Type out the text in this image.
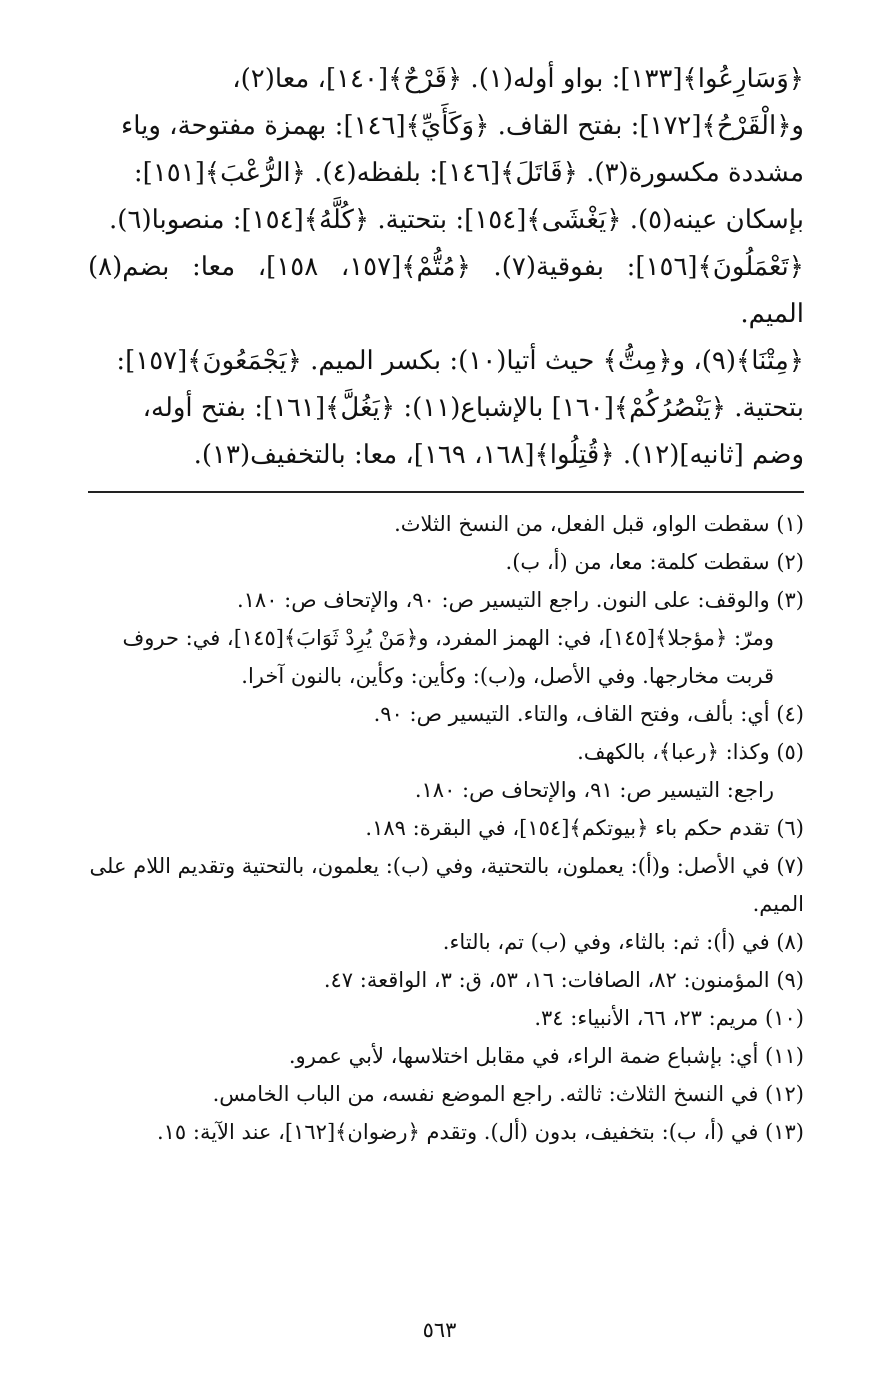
﴿وَسَارِعُوا﴾[١٣٣]: بواو أوله(١). ﴿قَرْحٌ﴾[١٤٠]، معا(٢)،
و﴿الْقَرْحُ﴾[١٧٢]: بفتح القاف. ﴿وَكَأَيِّ﴾[١٤٦]: بهمزة مفتوحة، وياء
مشددة مكسورة(٣). ﴿قَاتَلَ﴾[١٤٦]: بلفظه(٤). ﴿الرُّعْبَ﴾[١٥١]:
بإسكان عينه(٥). ﴿يَغْشَى﴾[١٥٤]: بتحتية. ﴿كُلَّهُ﴾[١٥٤]: منصوبا(٦).
﴿تَعْمَلُونَ﴾[١٥٦]: بفوقية(٧). ﴿مُتُّمْ﴾[١٥٧، ١٥٨]، معا: بضم(٨) الميم.
﴿مِتْنَا﴾(٩)، و﴿مِتُّ﴾ حيث أتيا(١٠): بكسر الميم. ﴿يَجْمَعُونَ﴾[١٥٧]:
بتحتية. ﴿يَنْصُرُكُمْ﴾[١٦٠] بالإشباع(١١): ﴿يَغُلَّ﴾[١٦١]: بفتح أوله،
وضم [ثانيه](١٢). ﴿قُتِلُوا﴾[١٦٨، ١٦٩]، معا: بالتخفيف(١٣).

(١) سقطت الواو، قبل الفعل، من النسخ الثلاث.

(٢) سقطت كلمة: معا، من (أ، ب).

(٣) والوقف: على النون. راجع التيسير ص: ٩٠، والإتحاف ص: ١٨٠.

ومرّ: ﴿مؤجلا﴾[١٤٥]، في: الهمز المفرد، و﴿مَنْ يُرِدْ ثَوَابَ﴾[١٤٥]، في: حروف قربت مخارجها. وفي الأصل، و(ب): وكأين: وكأين، بالنون آخرا.

(٤) أي: بألف، وفتح القاف، والتاء. التيسير ص: ٩٠.

(٥) وكذا: ﴿رعبا﴾، بالكهف.

راجع: التيسير ص: ٩١، والإتحاف ص: ١٨٠.

(٦) تقدم حكم باء ﴿بيوتكم﴾[١٥٤]، في البقرة: ١٨٩.

(٧) في الأصل: و(أ): يعملون، بالتحتية، وفي (ب): يعلمون، بالتحتية وتقديم اللام على الميم.

(٨) في (أ): ثم: بالثاء، وفي (ب) تم، بالتاء.

(٩) المؤمنون: ٨٢، الصافات: ١٦، ٥٣، ق: ٣، الواقعة: ٤٧.

(١٠) مريم: ٢٣، ٦٦، الأنبياء: ٣٤.

(١١) أي: بإشباع ضمة الراء، في مقابل اختلاسها، لأبي عمرو.

(١٢) في النسخ الثلاث: ثالثه. راجع الموضع نفسه، من الباب الخامس.

(١٣) في (أ، ب): بتخفيف، بدون (أل). وتقدم ﴿رضوان﴾[١٦٢]، عند الآية: ١٥.

٥٦٣
